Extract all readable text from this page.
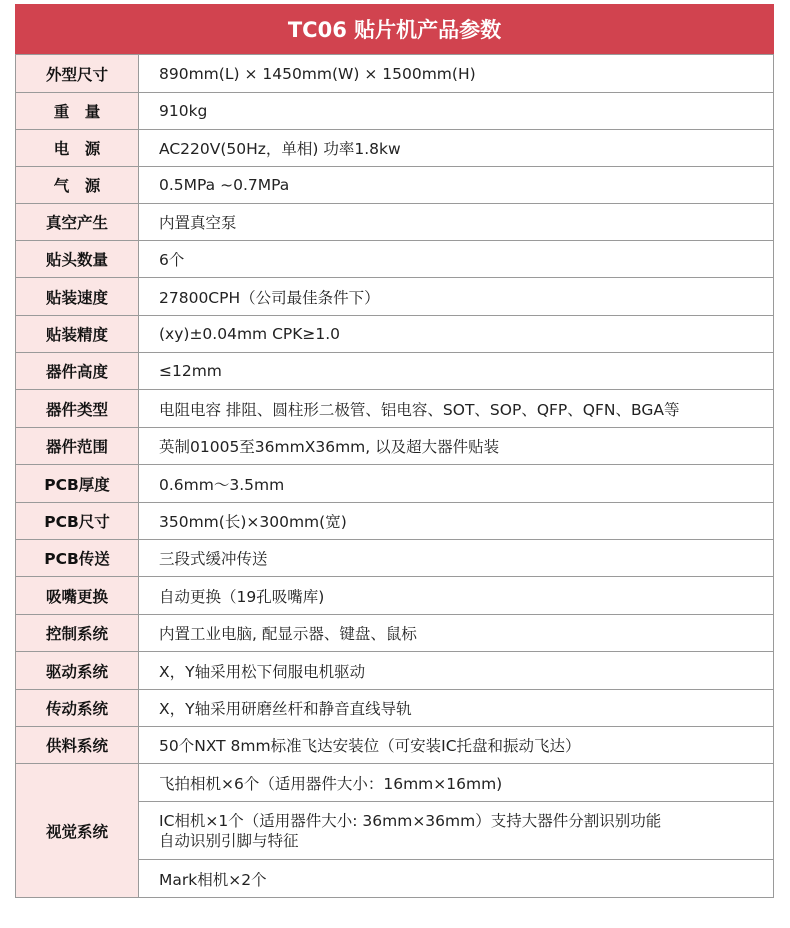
TC06 贴片机产品参数
外型尺寸	890mm(L) × 1450mm(W) × 1500mm(H)
重　量	910kg
电　源	AC220V(50Hz，单相) 功率1.8kw
气　源	0.5MPa ~0.7MPa
真空产生	内置真空泵
贴头数量	6个
贴装速度	27800CPH（公司最佳条件下）
贴装精度	(xy)±0.04mm CPK≥1.0
器件高度	≤12mm
器件类型	电阻电容 排阻、圆柱形二极管、铝电容、SOT、SOP、QFP、QFN、BGA等
器件范围	英制01005至36mmX36mm, 以及超大器件贴装
PCB厚度	0.6mm～3.5mm
PCB尺寸	350mm(长)×300mm(宽)
PCB传送	三段式缓冲传送
吸嘴更换	自动更换（19孔吸嘴库)
控制系统	内置工业电脑, 配显示器、键盘、鼠标
驱动系统	X，Y轴采用松下伺服电机驱动
传动系统	X，Y轴采用研磨丝杆和静音直线导轨
供料系统	50个NXT 8mm标准飞达安装位（可安装IC托盘和振动飞达）
视觉系统	飞拍相机×6个（适用器件大小：16mm×16mm)

	IC相机×1个（适用器件大小: 36mm×36mm）支持大器件分割识别功能
自动识别引脚与特征

	Mark相机×2个
